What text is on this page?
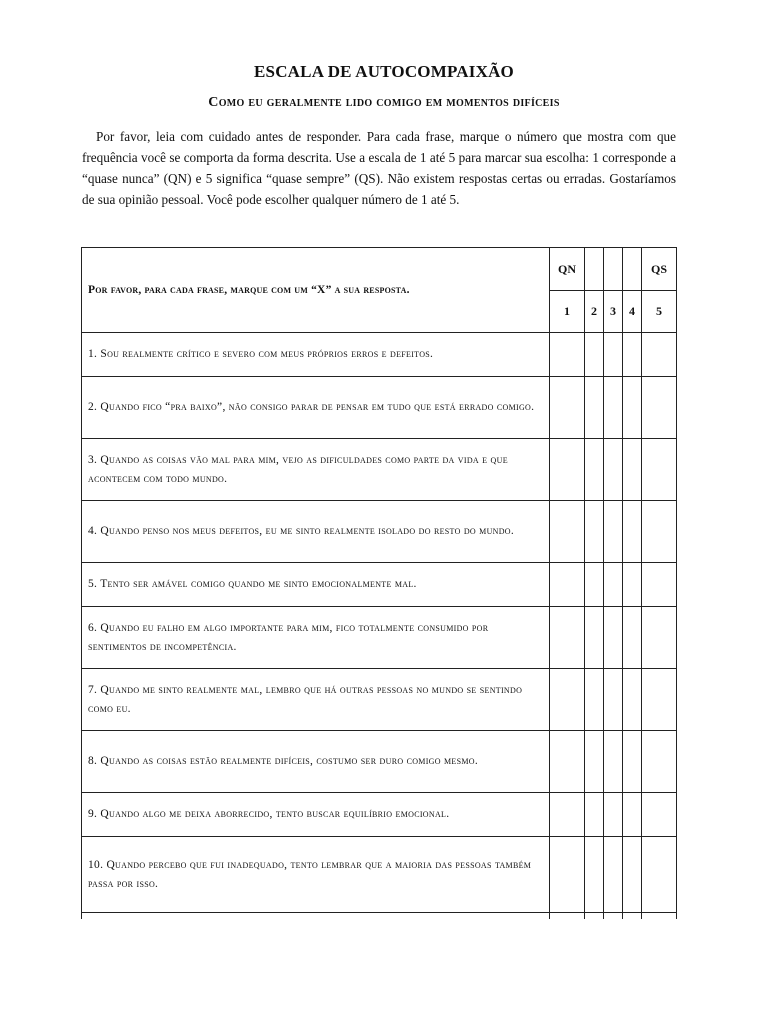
ESCALA DE AUTOCOMPAIXÃO
Como eu geralmente lido comigo em momentos difíceis

Por favor, leia com cuidado antes de responder. Para cada frase, marque o número que mostra com que frequência você se comporta da forma descrita. Use a escala de 1 até 5 para marcar sua escolha: 1 corresponde a “quase nunca” (QN) e 5 significa “quase sempre” (QS). Não existem respostas certas ou erradas. Gostaríamos de sua opinião pessoal. Você pode escolher qualquer número de 1 até 5.

Por favor, para cada frase, marque com um “X” a sua resposta.	QN				QS
	1	2	3	4	5
1. Sou realmente crítico e severo com meus próprios erros e defeitos.					
2. Quando fico “pra baixo”, não consigo parar de pensar em tudo que está errado comigo.					
3. Quando as coisas vão mal para mim, vejo as dificuldades como parte da vida e que acontecem com todo mundo.					
4. Quando penso nos meus defeitos, eu me sinto realmente isolado do resto do mundo.					
5. Tento ser amável comigo quando me sinto emocionalmente mal.					
6. Quando eu falho em algo importante para mim, fico totalmente consumido por sentimentos de incompetência.					
7. Quando me sinto realmente mal, lembro que há outras pessoas no mundo se sentindo como eu.					
8. Quando as coisas estão realmente difíceis, costumo ser duro comigo mesmo.					
9. Quando algo me deixa aborrecido, tento buscar equilíbrio emocional.					
10. Quando percebo que fui inadequado, tento lembrar que a maioria das pessoas também passa por isso.					
